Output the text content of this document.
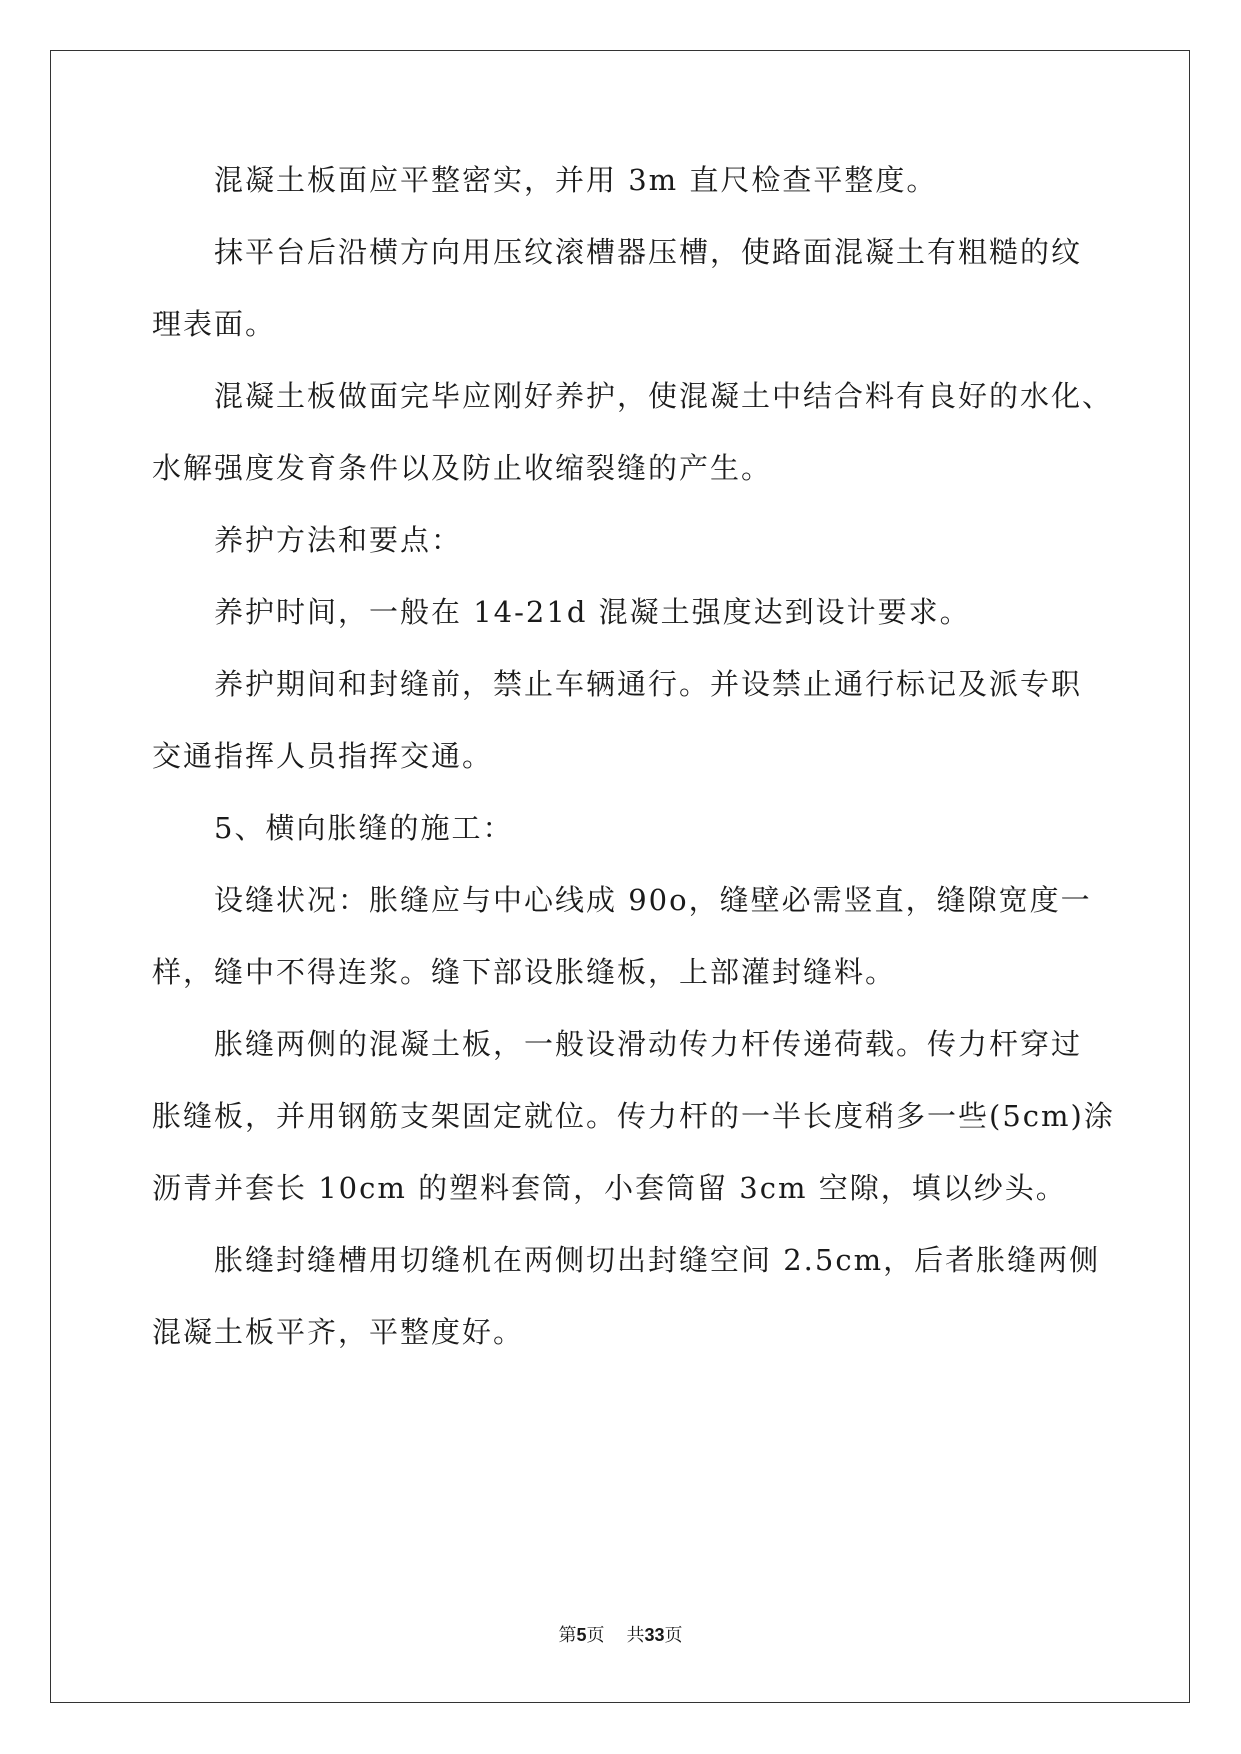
混凝土板面应平整密实，并用 3m 直尺检查平整度。
抹平台后沿横方向用压纹滚槽器压槽，使路面混凝土有粗糙的纹
理表面。
混凝土板做面完毕应刚好养护，使混凝土中结合料有良好的水化、
水解强度发育条件以及防止收缩裂缝的产生。
养护方法和要点：
养护时间，一般在 14-21d 混凝土强度达到设计要求。
养护期间和封缝前，禁止车辆通行。并设禁止通行标记及派专职
交通指挥人员指挥交通。
5、横向胀缝的施工：
设缝状况：胀缝应与中心线成 90o，缝壁必需竖直，缝隙宽度一
样，缝中不得连浆。缝下部设胀缝板，上部灌封缝料。
胀缝两侧的混凝土板，一般设滑动传力杆传递荷载。传力杆穿过
胀缝板，并用钢筋支架固定就位。传力杆的一半长度稍多一些(5cm)涂
沥青并套长 10cm 的塑料套筒，小套筒留 3cm 空隙，填以纱头。
胀缝封缝槽用切缝机在两侧切出封缝空间 2.5cm，后者胀缝两侧
混凝土板平齐，平整度好。
第5页 共33页
